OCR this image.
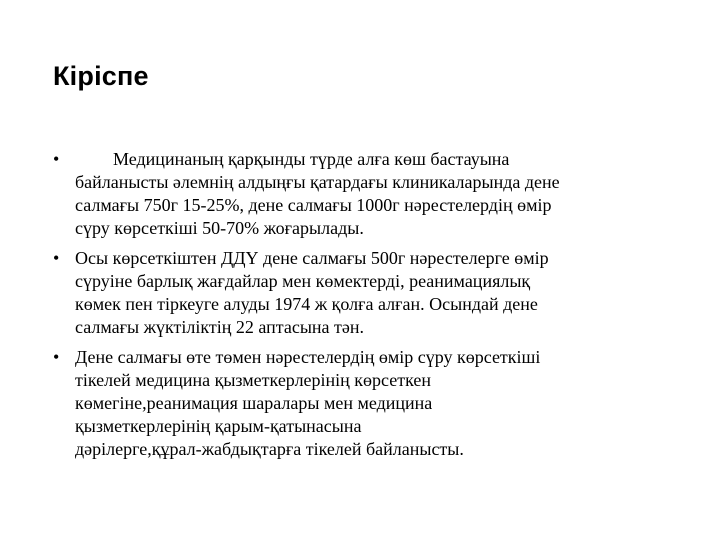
Кіріспе
•	Медицинаның қарқынды түрде алға көш бастауына
байланысты әлемнің алдыңғы қатардағы клиникаларында дене
салмағы 750г 15-25%, дене салмағы 1000г нәрестелердің өмір
сүру көрсеткіші 50-70% жоғарылады.
• Осы көрсеткіштен ДДҮ дене салмағы 500г нәрестелерге өмір
сүруіне барлық жағдайлар мен көмектерді, реанимациялық
көмек пен тіркеуге алуды 1974 ж қолға алған. Осындай дене
салмағы жүктіліктің 22 аптасына тән.
• Дене салмағы өте төмен нәрестелердің өмір сүру көрсеткіші
тікелей медицина қызметкерлерінің көрсеткен
көмегіне,реанимация шаралары мен медицина
қызметкерлерінің қарым-қатынасына
дәрілерге,құрал-жабдықтарға тікелей байланысты.
